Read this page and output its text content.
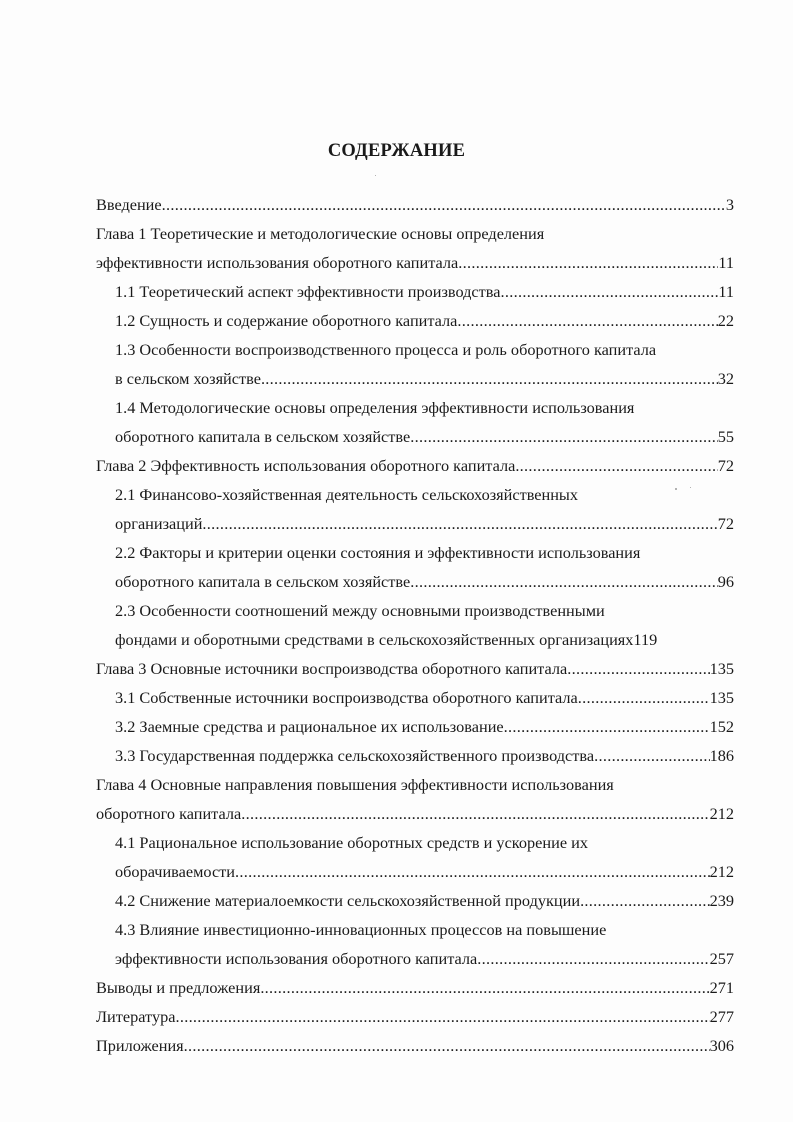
СОДЕРЖАНИЕ
Введение .....	3
Глава 1 Теоретические и методологические основы определения
эффективности использования оборотного капитала .....	11
1.1 Теоретический аспект эффективности производства .....	11
1.2 Сущность и содержание оборотного капитала .....	22
1.3 Особенности воспроизводственного процесса и роль оборотного капитала
в сельском хозяйстве .....	32
1.4 Методологические основы определения эффективности использования
оборотного капитала в сельском хозяйстве .....	55
Глава 2 Эффективность использования оборотного капитала .....	72
2.1 Финансово-хозяйственная деятельность сельскохозяйственных
организаций .....	72
2.2 Факторы и критерии оценки состояния и эффективности использования
оборотного капитала в сельском хозяйстве .....	96
2.3 Особенности соотношений между основными производственными
фондами и оборотными средствами в сельскохозяйственных организациях 119
Глава 3 Основные источники воспроизводства оборотного капитала .....	135
3.1 Собственные источники воспроизводства оборотного капитала .....	135
3.2 Заемные средства и рациональное их использование .....	152
3.3 Государственная поддержка сельскохозяйственного производства .....	186
Глава 4 Основные направления повышения эффективности использования
оборотного капитала .....	212
4.1 Рациональное использование оборотных средств и ускорение их
оборачиваемости .....	212
4.2 Снижение материалоемкости сельскохозяйственной продукции .....	239
4.3 Влияние инвестиционно-инновационных процессов на повышение
эффективности использования оборотного капитала .....	257
Выводы и предложения .....	271
Литература .....	277
Приложения .....	306
